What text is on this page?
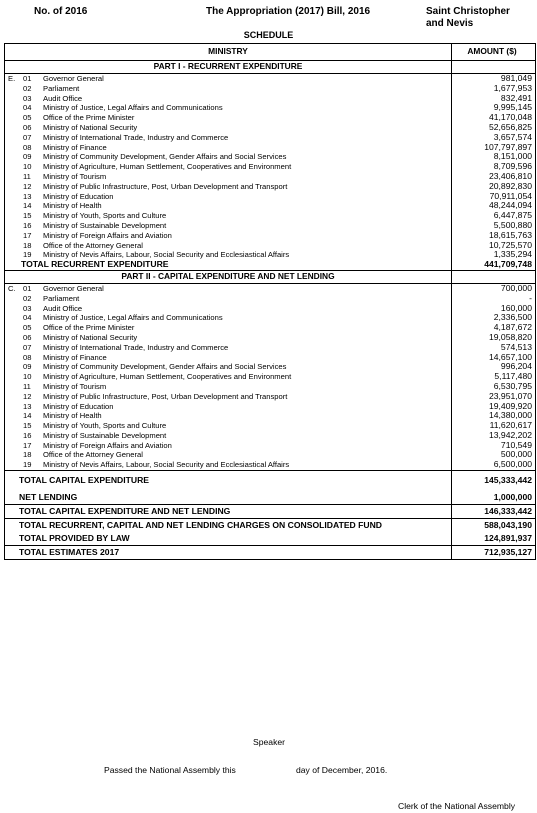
No. of 2016	The Appropriation (2017) Bill, 2016	Saint Christopher
and Nevis
SCHEDULE
MINISTRY			AMOUNT ($)
PART I - RECURRENT EXPENDITURE			
E.	01	Governor General	981,049
	02	Parliament	1,677,953
	03	Audit Office	832,491
	04	Ministry of Justice, Legal Affairs and Communications	9,995,145
	05	Office of the Prime Minister	41,170,048
	06	Ministry of National Security	52,656,825
	07	Ministry of International Trade, Industry and Commerce	3,657,574
	08	Ministry of Finance	107,797,897
	09	Ministry of Community Development, Gender Affairs and Social Services	8,151,000
	10	Ministry of Agriculture, Human Settlement, Cooperatives and Environment	8,709,596
	11	Ministry of Tourism	23,406,810
	12	Ministry of Public Infrastructure, Post, Urban Development and Transport	20,892,830
	13	Ministry of Education	70,911,054
	14	Ministry of Health	48,244,094
	15	Ministry of Youth, Sports and Culture	6,447,875
	16	Ministry of Sustainable Development	5,500,880
	17	Ministry of Foreign Affairs and Aviation	18,615,763
	18	Office of the Attorney General	10,725,570
	19	Ministry of Nevis Affairs, Labour, Social Security and Ecclesiastical Affairs	1,335,294
	TOTAL RECURRENT EXPENDITURE		441,709,748
PART II - CAPITAL EXPENDITURE AND NET LENDING			
C.	01	Governor General	700,000
	02	Parliament	-
	03	Audit Office	160,000
	04	Ministry of Justice, Legal Affairs and Communications	2,336,500
	05	Office of the Prime Minister	4,187,672
	06	Ministry of National Security	19,058,820
	07	Ministry of International Trade, Industry and Commerce	574,513
	08	Ministry of Finance	14,657,100
	09	Ministry of Community Development, Gender Affairs and Social Services	996,204
	10	Ministry of Agriculture, Human Settlement, Cooperatives and Environment	5,117,480
	11	Ministry of Tourism	6,530,795
	12	Ministry of Public Infrastructure, Post, Urban Development and Transport	23,951,070
	13	Ministry of Education	19,409,920
	14	Ministry of Health	14,380,000
	15	Ministry of Youth, Sports and Culture	11,620,617
	16	Ministry of Sustainable Development	13,942,202
	17	Ministry of Foreign Affairs and Aviation	710,549
	18	Office of the Attorney General	500,000
	19	Ministry of Nevis Affairs, Labour, Social Security and Ecclesiastical Affairs	6,500,000
TOTAL CAPITAL EXPENDITURE			145,333,442
NET LENDING			1,000,000
TOTAL CAPITAL EXPENDITURE AND NET LENDING			146,333,442
TOTAL RECURRENT, CAPITAL AND NET LENDING CHARGES ON CONSOLIDATED FUND			588,043,190
TOTAL PROVIDED BY LAW			124,891,937
TOTAL ESTIMATES 2017			712,935,127
Speaker
Passed the National Assembly this	day of December, 2016.
Clerk of the National Assembly
